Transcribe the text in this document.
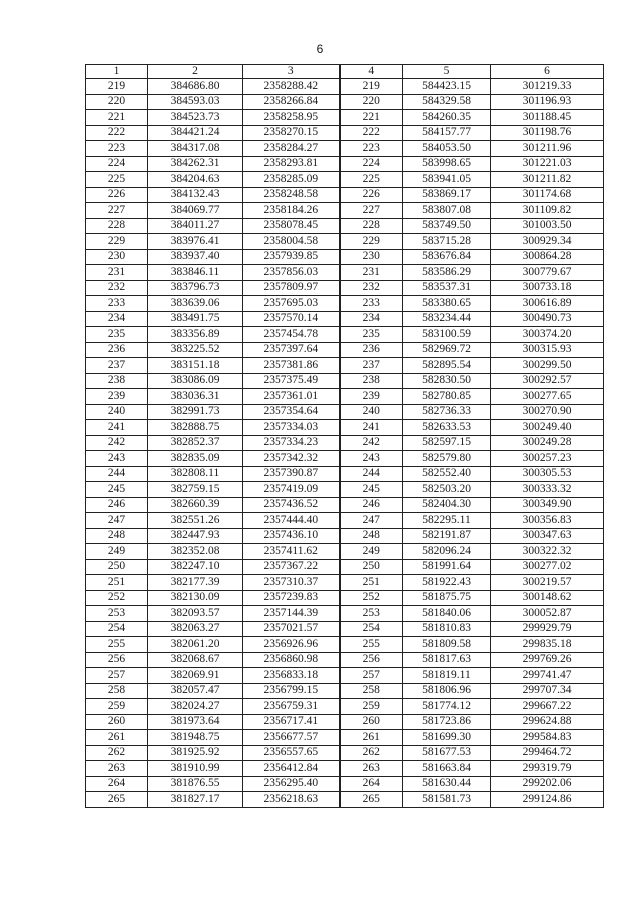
6
1	2	3	4	5	6
219	384686.80	2358288.42	219	584423.15	301219.33
220	384593.03	2358266.84	220	584329.58	301196.93
221	384523.73	2358258.95	221	584260.35	301188.45
222	384421.24	2358270.15	222	584157.77	301198.76
223	384317.08	2358284.27	223	584053.50	301211.96
224	384262.31	2358293.81	224	583998.65	301221.03
225	384204.63	2358285.09	225	583941.05	301211.82
226	384132.43	2358248.58	226	583869.17	301174.68
227	384069.77	2358184.26	227	583807.08	301109.82
228	384011.27	2358078.45	228	583749.50	301003.50
229	383976.41	2358004.58	229	583715.28	300929.34
230	383937.40	2357939.85	230	583676.84	300864.28
231	383846.11	2357856.03	231	583586.29	300779.67
232	383796.73	2357809.97	232	583537.31	300733.18
233	383639.06	2357695.03	233	583380.65	300616.89
234	383491.75	2357570.14	234	583234.44	300490.73
235	383356.89	2357454.78	235	583100.59	300374.20
236	383225.52	2357397.64	236	582969.72	300315.93
237	383151.18	2357381.86	237	582895.54	300299.50
238	383086.09	2357375.49	238	582830.50	300292.57
239	383036.31	2357361.01	239	582780.85	300277.65
240	382991.73	2357354.64	240	582736.33	300270.90
241	382888.75	2357334.03	241	582633.53	300249.40
242	382852.37	2357334.23	242	582597.15	300249.28
243	382835.09	2357342.32	243	582579.80	300257.23
244	382808.11	2357390.87	244	582552.40	300305.53
245	382759.15	2357419.09	245	582503.20	300333.32
246	382660.39	2357436.52	246	582404.30	300349.90
247	382551.26	2357444.40	247	582295.11	300356.83
248	382447.93	2357436.10	248	582191.87	300347.63
249	382352.08	2357411.62	249	582096.24	300322.32
250	382247.10	2357367.22	250	581991.64	300277.02
251	382177.39	2357310.37	251	581922.43	300219.57
252	382130.09	2357239.83	252	581875.75	300148.62
253	382093.57	2357144.39	253	581840.06	300052.87
254	382063.27	2357021.57	254	581810.83	299929.79
255	382061.20	2356926.96	255	581809.58	299835.18
256	382068.67	2356860.98	256	581817.63	299769.26
257	382069.91	2356833.18	257	581819.11	299741.47
258	382057.47	2356799.15	258	581806.96	299707.34
259	382024.27	2356759.31	259	581774.12	299667.22
260	381973.64	2356717.41	260	581723.86	299624.88
261	381948.75	2356677.57	261	581699.30	299584.83
262	381925.92	2356557.65	262	581677.53	299464.72
263	381910.99	2356412.84	263	581663.84	299319.79
264	381876.55	2356295.40	264	581630.44	299202.06
265	381827.17	2356218.63	265	581581.73	299124.86
